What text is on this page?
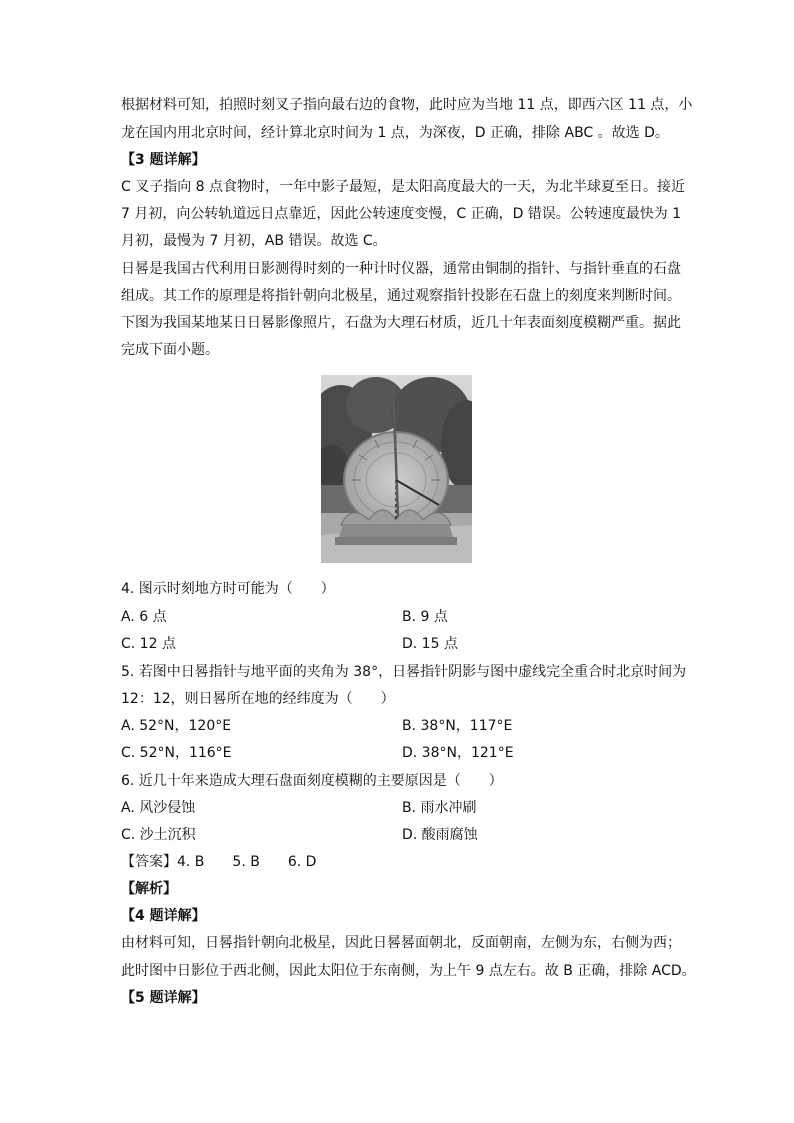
根据材料可知，拍照时刻叉子指向最右边的食物，此时应为当地 11 点，即西六区 11 点，小
龙在国内用北京时间，经计算北京时间为 1 点，为深夜，D 正确，排除 ABC 。故选 D。
【3 题详解】
C 叉子指向 8 点食物时，一年中影子最短，是太阳高度最大的一天，为北半球夏至日。接近
7 月初，向公转轨道远日点靠近，因此公转速度变慢，C 正确，D 错误。公转速度最快为 1
月初，最慢为 7 月初，AB 错误。故选 C。
日晷是我国古代利用日影测得时刻的一种计时仪器，通常由铜制的指针、与指针垂直的石盘
组成。其工作的原理是将指针朝向北极星，通过观察指针投影在石盘上的刻度来判断时间。
下图为我国某地某日日晷影像照片，石盘为大理石材质，近几十年表面刻度模糊严重。据此
完成下面小题。
4. 图示时刻地方时可能为（　　）
A. 6 点	B. 9 点
C. 12 点	D. 15 点
5. 若图中日晷指针与地平面的夹角为 38°，日晷指针阴影与图中虚线完全重合时北京时间为
12：12，则日晷所在地的经纬度为（　　）
A. 52°N，120°E	B. 38°N，117°E
C. 52°N，116°E	D. 38°N，121°E
6. 近几十年来造成大理石盘面刻度模糊的主要原因是（　　）
A. 风沙侵蚀	B. 雨水冲刷
C. 沙土沉积	D. 酸雨腐蚀
【答案】4. B　　5. B　　6. D
【解析】
【4 题详解】
由材料可知，日晷指针朝向北极星，因此日晷晷面朝北，反面朝南，左侧为东，右侧为西；
此时图中日影位于西北侧，因此太阳位于东南侧，为上午 9 点左右。故 B 正确，排除 ACD。
【5 题详解】
